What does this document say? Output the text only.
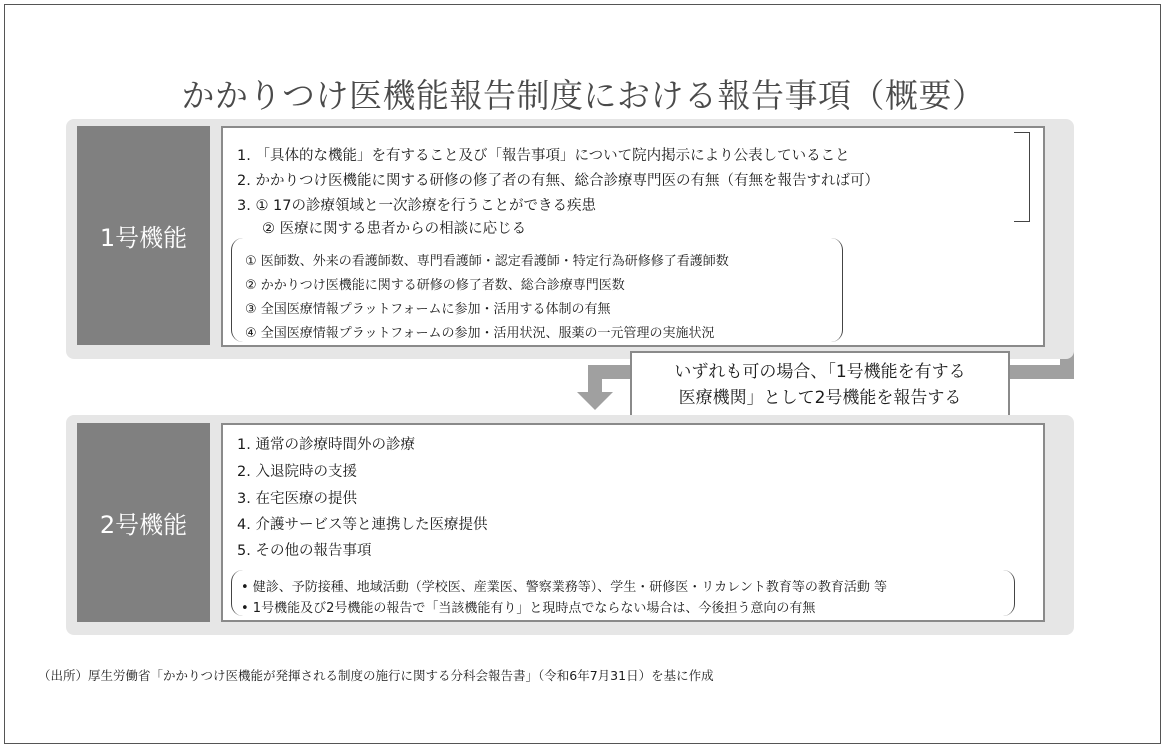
かかりつけ医機能報告制度における報告事項（概要）
1号機能
1. 「具体的な機能」を有すること及び「報告事項」について院内掲示により公表していること
2. かかりつけ医機能に関する研修の修了者の有無、総合診療専門医の有無（有無を報告すれば可）
3. ① 17の診療領域と一次診療を行うことができる疾患
② 医療に関する患者からの相談に応じる
① 医師数、外来の看護師数、専門看護師・認定看護師・特定行為研修修了看護師数
② かかりつけ医機能に関する研修の修了者数、総合診療専門医数
③ 全国医療情報プラットフォームに参加・活用する体制の有無
④ 全国医療情報プラットフォームの参加・活用状況、服薬の一元管理の実施状況
いずれも可の場合、「1号機能を有する
医療機関」として2号機能を報告する
2号機能
1. 通常の診療時間外の診療
2. 入退院時の支援
3. 在宅医療の提供
4. 介護サービス等と連携した医療提供
5. その他の報告事項
• 健診、予防接種、地域活動（学校医、産業医、警察業務等）、学生・研修医・リカレント教育等の教育活動 等
• 1号機能及び2号機能の報告で「当該機能有り」と現時点でならない場合は、今後担う意向の有無
（出所）厚生労働省「かかりつけ医機能が発揮される制度の施行に関する分科会報告書」（令和6年7月31日）を基に作成
